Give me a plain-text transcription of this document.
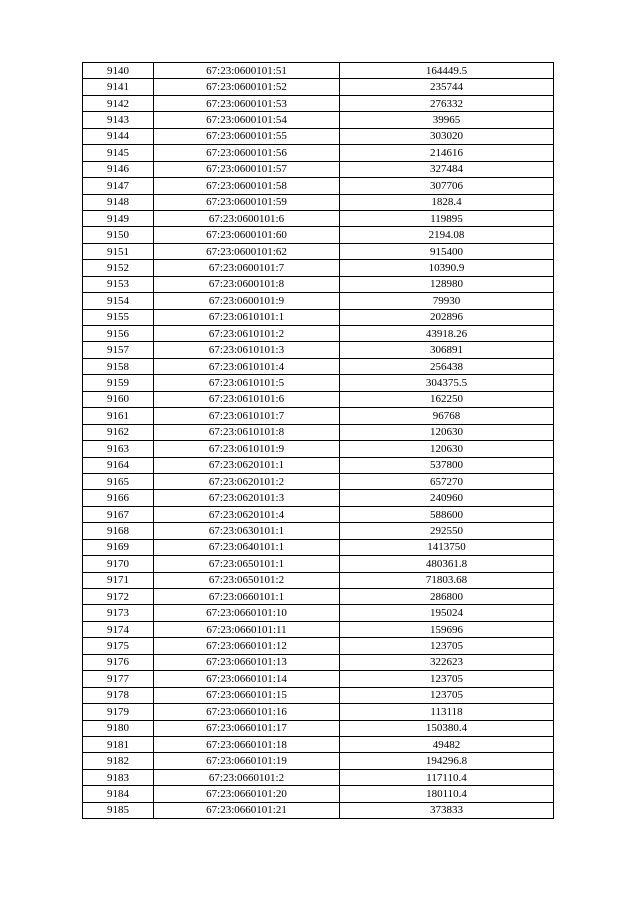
9140	67:23:0600101:51	164449.5
9141	67:23:0600101:52	235744
9142	67:23:0600101:53	276332
9143	67:23:0600101:54	39965
9144	67:23:0600101:55	303020
9145	67:23:0600101:56	214616
9146	67:23:0600101:57	327484
9147	67:23:0600101:58	307706
9148	67:23:0600101:59	1828.4
9149	67:23:0600101:6	119895
9150	67:23:0600101:60	2194.08
9151	67:23:0600101:62	915400
9152	67:23:0600101:7	10390.9
9153	67:23:0600101:8	128980
9154	67:23:0600101:9	79930
9155	67:23:0610101:1	202896
9156	67:23:0610101:2	43918.26
9157	67:23:0610101:3	306891
9158	67:23:0610101:4	256438
9159	67:23:0610101:5	304375.5
9160	67:23:0610101:6	162250
9161	67:23:0610101:7	96768
9162	67:23:0610101:8	120630
9163	67:23:0610101:9	120630
9164	67:23:0620101:1	537800
9165	67:23:0620101:2	657270
9166	67:23:0620101:3	240960
9167	67:23:0620101:4	588600
9168	67:23:0630101:1	292550
9169	67:23:0640101:1	1413750
9170	67:23:0650101:1	480361.8
9171	67:23:0650101:2	71803.68
9172	67:23:0660101:1	286800
9173	67:23:0660101:10	195024
9174	67:23:0660101:11	159696
9175	67:23:0660101:12	123705
9176	67:23:0660101:13	322623
9177	67:23:0660101:14	123705
9178	67:23:0660101:15	123705
9179	67:23:0660101:16	113118
9180	67:23:0660101:17	150380.4
9181	67:23:0660101:18	49482
9182	67:23:0660101:19	194296.8
9183	67:23:0660101:2	117110.4
9184	67:23:0660101:20	180110.4
9185	67:23:0660101:21	373833
